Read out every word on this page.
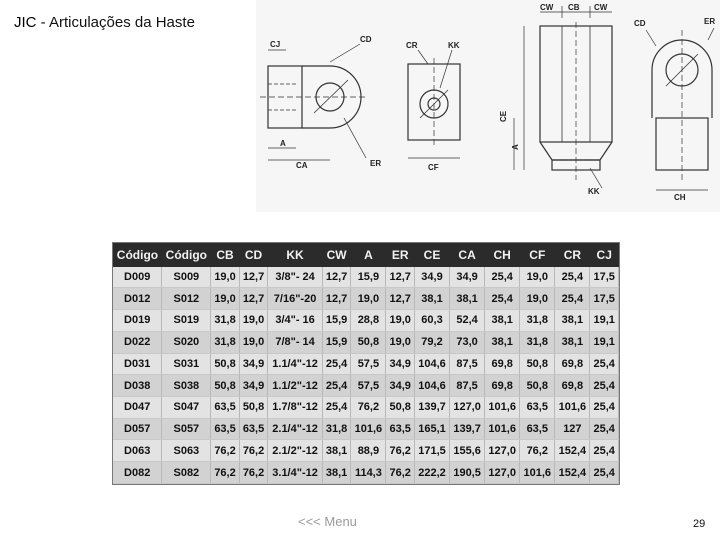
JIC - Articulações da Haste
CJ
CD
CR	KK
A
CA	ER	CF
CW CB CW
CE
A
KK
CD	ER
CH
Código	Código	CB	CD	KK	CW	A	ER	CE	CA	CH	CF	CR	CJ
D009	S009	19,0	12,7	3/8"- 24	12,7	15,9	12,7	34,9	34,9	25,4	19,0	25,4	17,5
D012	S012	19,0	12,7	7/16"-20	12,7	19,0	12,7	38,1	38,1	25,4	19,0	25,4	17,5
D019	S019	31,8	19,0	3/4"- 16	15,9	28,8	19,0	60,3	52,4	38,1	31,8	38,1	19,1
D022	S020	31,8	19,0	7/8"- 14	15,9	50,8	19,0	79,2	73,0	38,1	31,8	38,1	19,1
D031	S031	50,8	34,9	1.1/4"-12	25,4	57,5	34,9	104,6	87,5	69,8	50,8	69,8	25,4
D038	S038	50,8	34,9	1.1/2"-12	25,4	57,5	34,9	104,6	87,5	69,8	50,8	69,8	25,4
D047	S047	63,5	50,8	1.7/8"-12	25,4	76,2	50,8	139,7	127,0	101,6	63,5	101,6	25,4
D057	S057	63,5	63,5	2.1/4"-12	31,8	101,6	63,5	165,1	139,7	101,6	63,5	127	25,4
D063	S063	76,2	76,2	2.1/2"-12	38,1	88,9	76,2	171,5	155,6	127,0	76,2	152,4	25,4
D082	S082	76,2	76,2	3.1/4"-12	38,1	114,3	76,2	222,2	190,5	127,0	101,6	152,4	25,4
<<< Menu	29
